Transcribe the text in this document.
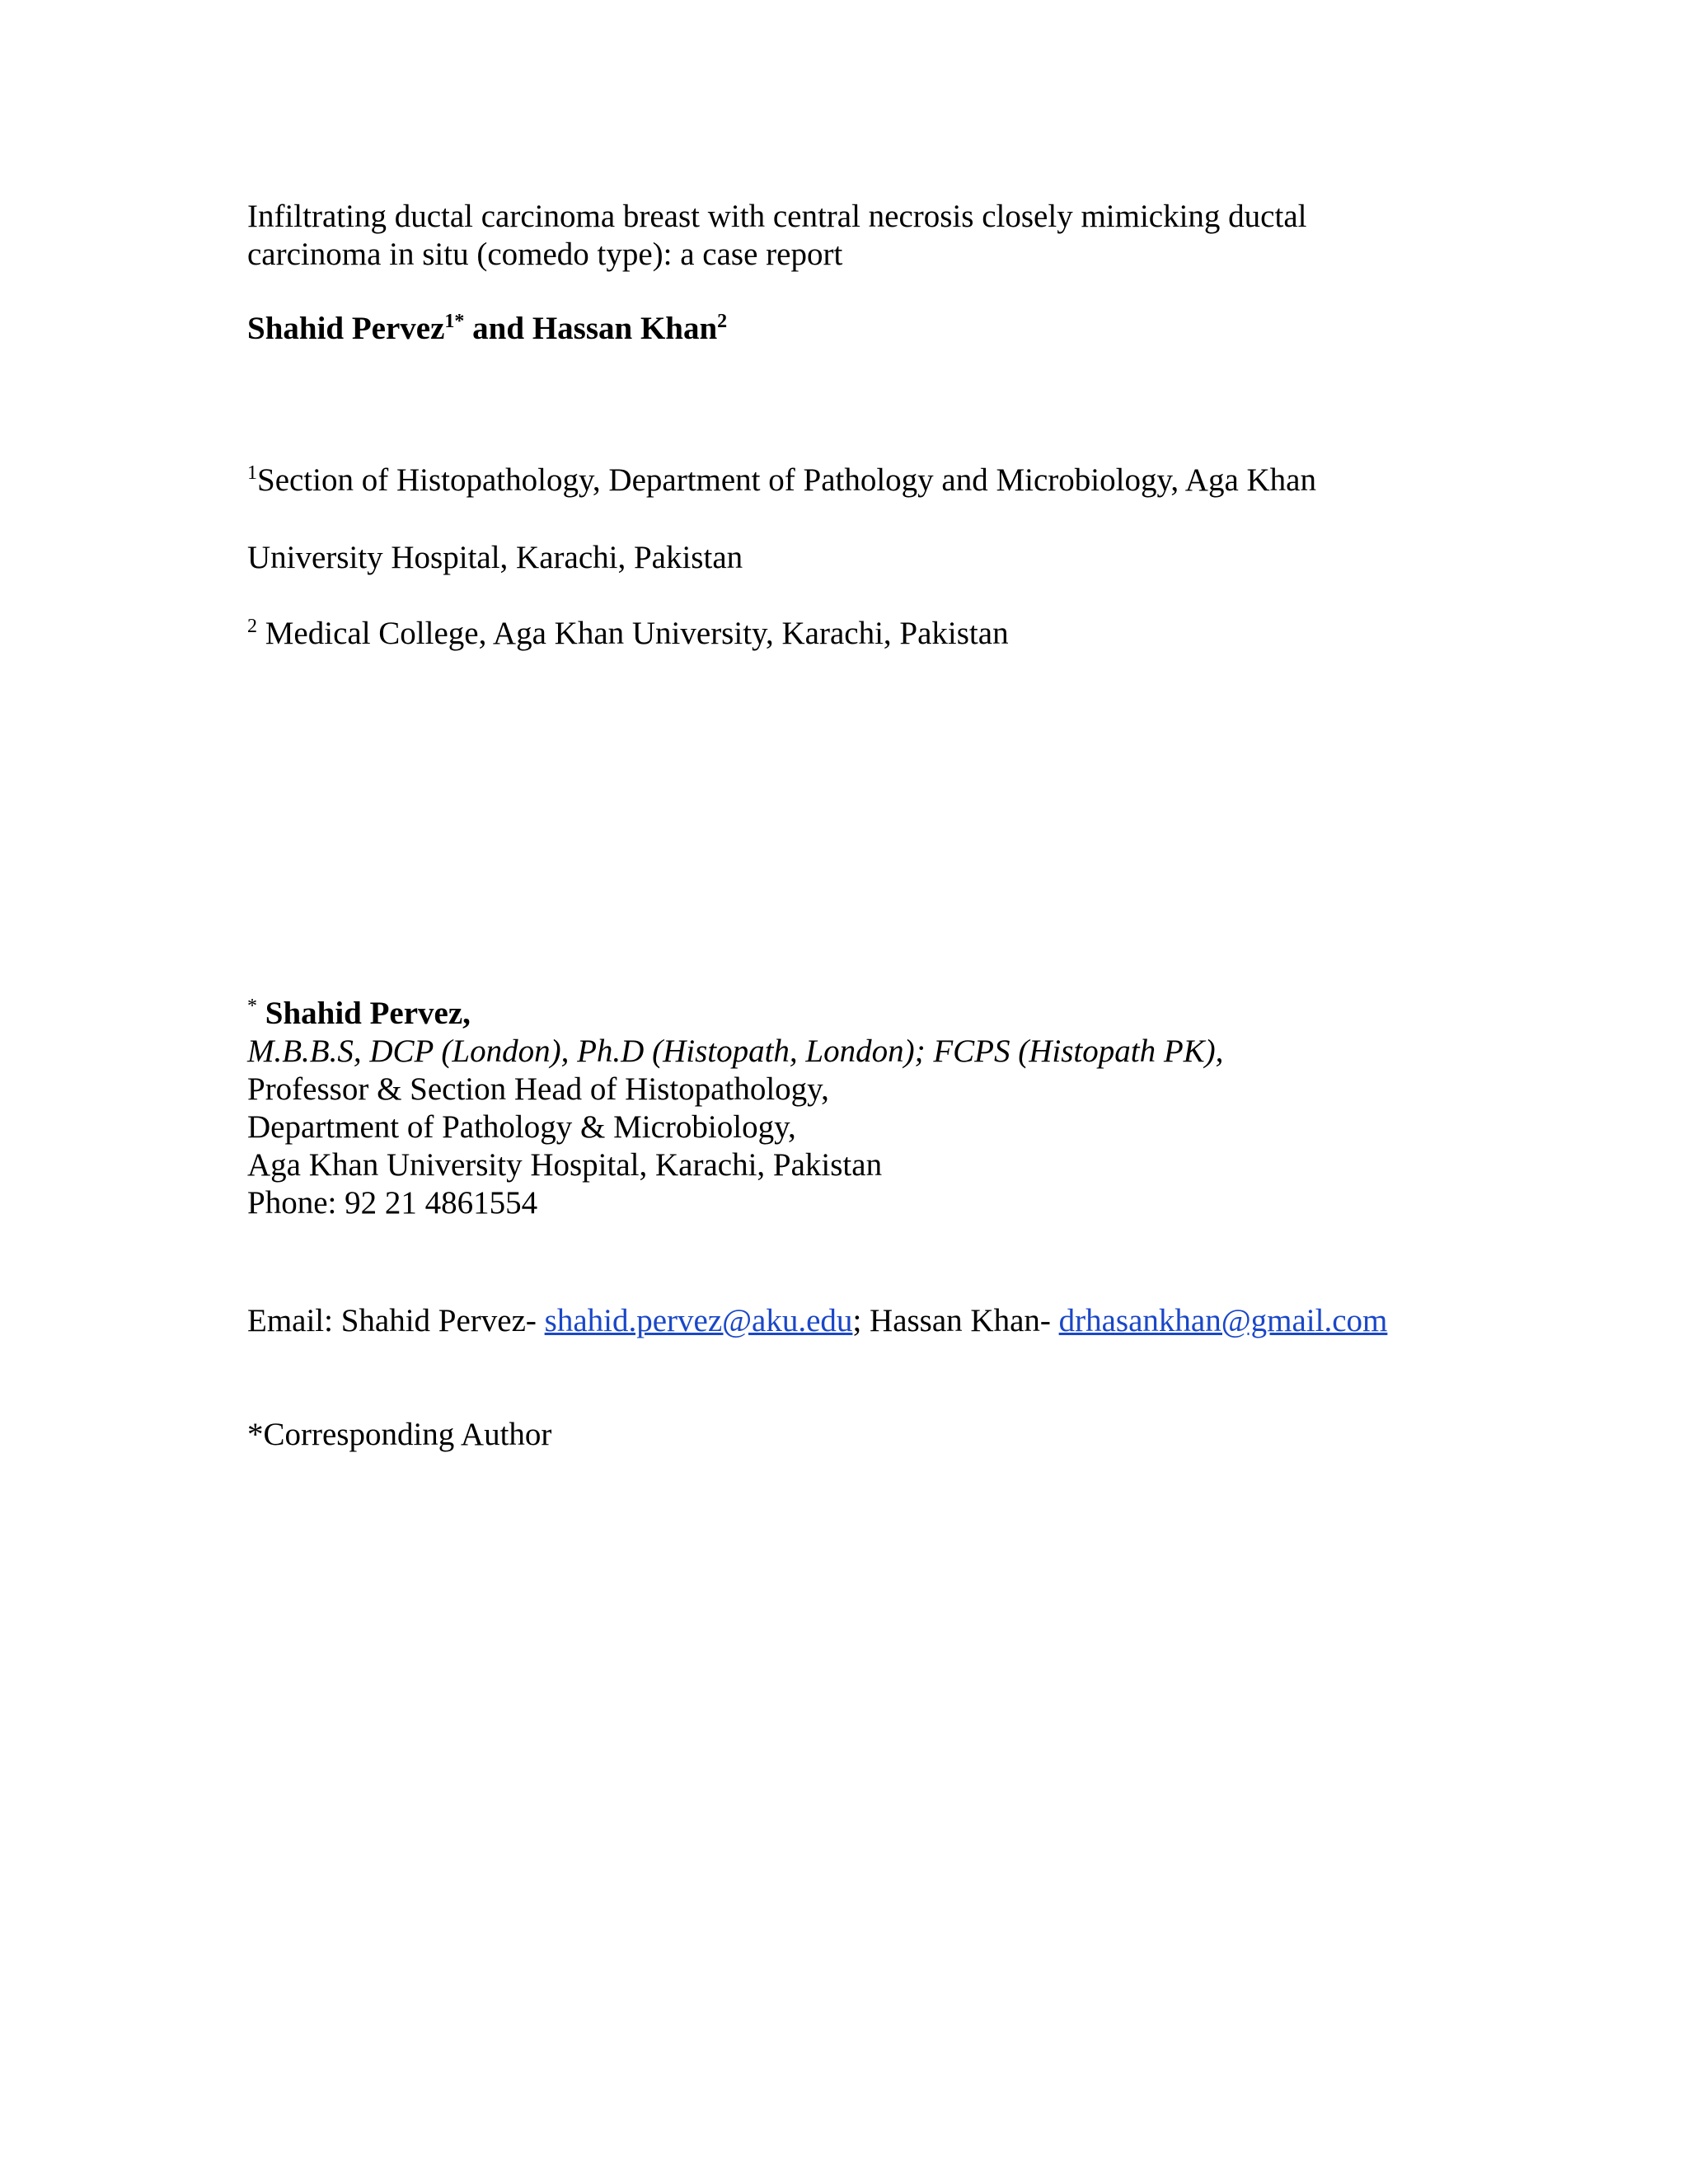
Infiltrating ductal carcinoma breast with central necrosis closely mimicking ductal
carcinoma in situ (comedo type): a case report
Shahid Pervez$^{1*}$ and Hassan Khan$^2$
$^1$Section of Histopathology, Department of Pathology and Microbiology, Aga Khan
University Hospital, Karachi, Pakistan
$^2$ Medical College, Aga Khan University, Karachi, Pakistan
* Shahid Pervez,
M.B.B.S, DCP (London), Ph.D (Histopath, London); FCPS (Histopath PK),
Professor & Section Head of Histopathology,
Department of Pathology & Microbiology,
Aga Khan University Hospital, Karachi, Pakistan
Phone: 92 21 4861554
Email: Shahid Pervez- shahid.pervez@aku.edu; Hassan Khan- drhasankhan@gmail.com
*Corresponding Author
